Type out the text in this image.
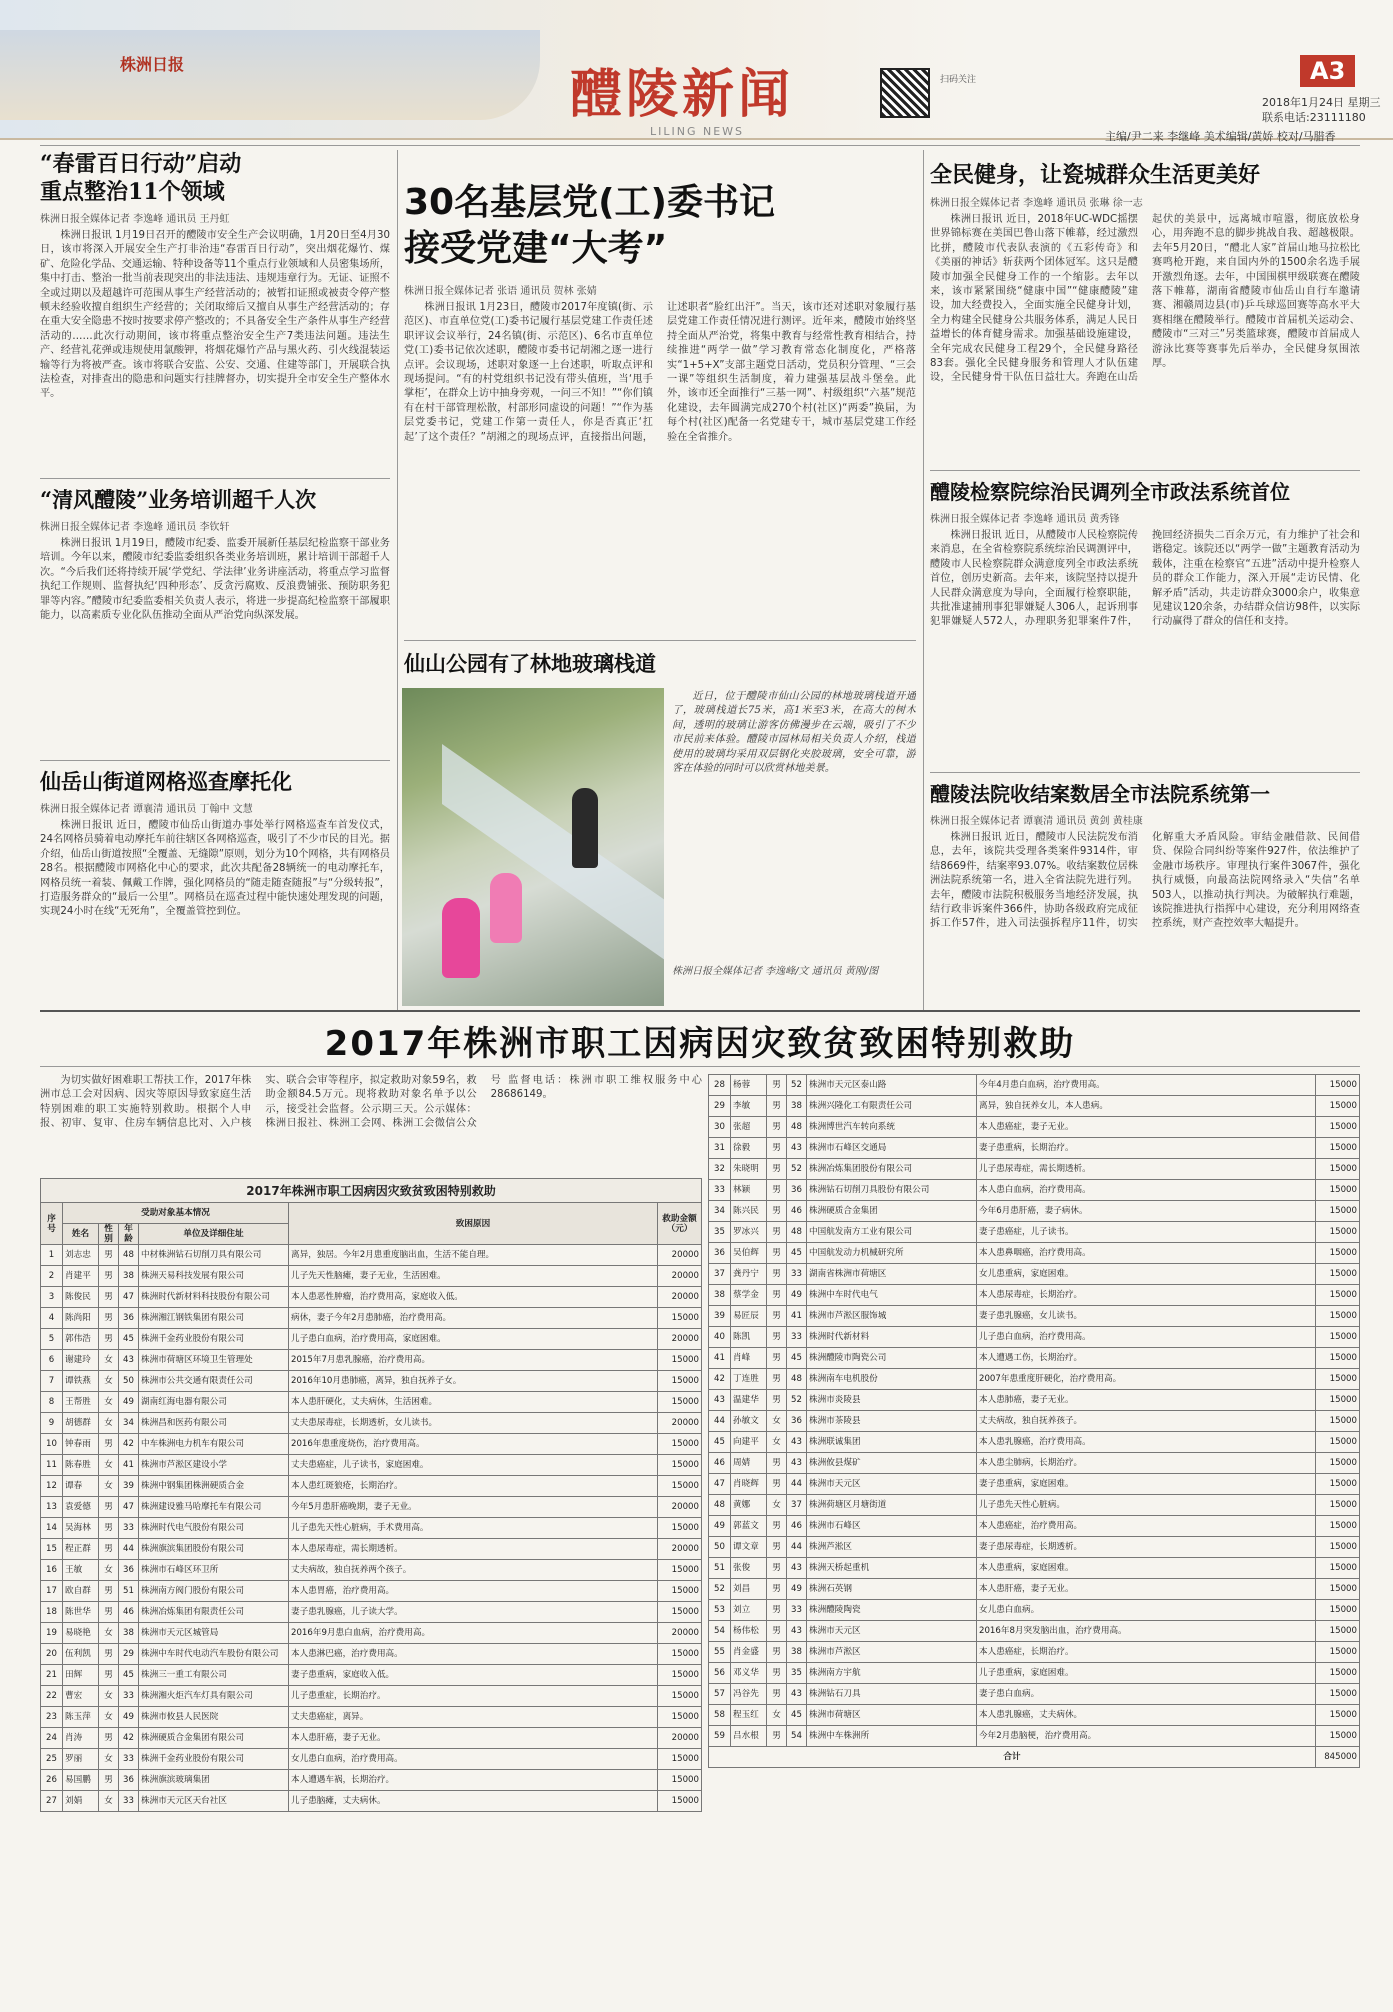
株洲日报	醴陵新闻
LILING NEWS
扫码关注	A3
2018年1月24日 星期三
联系电话:23111180
主编/尹二来 李继峰 美术编辑/黄娇 校对/马腊香
“春雷百日行动”启动
重点整治11个领域
株洲日报全媒体记者 李逸峰 通讯员 王丹虹
株洲日报讯 1月19日召开的醴陵市安全生产会议明确，1月20日至4月30日，该市将深入开展安全生产打非治违“春雷百日行动”，突出烟花爆竹、煤矿、危险化学品、交通运输、特种设备等11个重点行业领域和人员密集场所，集中打击、整治一批当前表现突出的非法违法、违规违章行为。无证、证照不全或过期以及超越许可范围从事生产经营活动的；被暂扣证照或被责令停产整顿未经验收擅自组织生产经营的；关闭取缔后又擅自从事生产经营活动的；存在重大安全隐患不按时按要求停产整改的；不具备安全生产条件从事生产经营活动的……此次行动期间，该市将重点整治安全生产7类违法问题。违法生产、经营礼花弹或违规使用氯酸钾，将烟花爆竹产品与黑火药、引火线混装运输等行为将被严查。该市将联合安监、公安、交通、住建等部门，开展联合执法检查，对排查出的隐患和问题实行挂牌督办，切实提升全市安全生产整体水平。
“清风醴陵”业务培训超千人次
株洲日报全媒体记者 李逸峰 通讯员 李钦轩
株洲日报讯 1月19日，醴陵市纪委、监委开展新任基层纪检监察干部业务培训。今年以来，醴陵市纪委监委组织各类业务培训班，累计培训干部超千人次。“今后我们还将持续开展‘学党纪、学法律’业务讲座活动，将重点学习监督执纪工作规则、监督执纪‘四种形态’、反贪污腐败、反浪费铺张、预防职务犯罪等内容。”醴陵市纪委监委相关负责人表示，将进一步提高纪检监察干部履职能力，以高素质专业化队伍推动全面从严治党向纵深发展。
仙岳山街道网格巡查摩托化
株洲日报全媒体记者 谭襄清 通讯员 丁翰中 文慧
株洲日报讯 近日，醴陵市仙岳山街道办事处举行网格巡查车首发仪式，24名网格员骑着电动摩托车前往辖区各网格巡查，吸引了不少市民的目光。据介绍，仙岳山街道按照“全覆盖、无缝隙”原则，划分为10个网格，共有网格员28名。根据醴陵市网格化中心的要求，此次共配备28辆统一的电动摩托车，网格员统一着装、佩戴工作牌，强化网格员的“随走随查随报”与“分级转报”，打造服务群众的“最后一公里”。网格员在巡查过程中能快速处理发现的问题，实现24小时在线“无死角”，全覆盖管控到位。
30名基层党(工)委书记
接受党建“大考”
株洲日报全媒体记者 张语 通讯员 贺林 张婧
株洲日报讯 1月23日，醴陵市2017年度镇(街、示范区)、市直单位党(工)委书记履行基层党建工作责任述职评议会议举行，24名镇(街、示范区)、6名市直单位党(工)委书记依次述职，醴陵市委书记胡湘之逐一进行点评。会议现场，述职对象逐一上台述职，听取点评和现场提问。“有的村党组织书记没有带头值班，当‘甩手掌柜’，在群众上访中抽身旁观，一问三不知！”“你们镇有在村干部管理松散，村部形同虚设的问题！”“作为基层党委书记，党建工作第一责任人，你是否真正‘扛起’了这个责任？”胡湘之的现场点评，直接指出问题，让述职者“脸红出汗”。当天，该市还对述职对象履行基层党建工作责任情况进行测评。近年来，醴陵市始终坚持全面从严治党，将集中教育与经常性教育相结合，持续推进“两学一做”学习教育常态化制度化，严格落实“1+5+X”支部主题党日活动，党员积分管理、“三会一课”等组织生活制度，着力建强基层战斗堡垒。此外，该市还全面推行“三基一网”、村级组织“六基”规范化建设，去年圆满完成270个村(社区)“两委”换届，为每个村(社区)配备一名党建专干，城市基层党建工作经验在全省推介。
仙山公园有了林地玻璃栈道
近日，位于醴陵市仙山公园的林地玻璃栈道开通了，玻璃栈道长75米，高1米至3米，在高大的树木间，透明的玻璃让游客仿佛漫步在云端，吸引了不少市民前来体验。醴陵市园林局相关负责人介绍，栈道使用的玻璃均采用双层钢化夹胶玻璃，安全可靠，游客在体验的同时可以欣赏林地美景。
株洲日报全媒体记者 李逸峰/文 通讯员 黄刚/图
全民健身，让瓷城群众生活更美好
株洲日报全媒体记者 李逸峰 通讯员 张琳 徐一志
株洲日报讯 近日，2018年UC-WDC摇摆世界锦标赛在美国巴鲁山落下帷幕，经过激烈比拼，醴陵市代表队表演的《五彩传奇》和《美丽的神话》斩获两个团体冠军。这只是醴陵市加强全民健身工作的一个缩影。去年以来，该市紧紧围绕“健康中国”“健康醴陵”建设，加大经费投入，全面实施全民健身计划，全力构建全民健身公共服务体系，满足人民日益增长的体育健身需求。加强基础设施建设，全年完成农民健身工程29个，全民健身路径83套。强化全民健身服务和管理人才队伍建设，全民健身骨干队伍日益壮大。奔跑在山岳起伏的美景中，远离城市喧嚣，彻底放松身心，用奔跑不息的脚步挑战自我、超越极限。去年5月20日，“醴北人家”首届山地马拉松比赛鸣枪开跑，来自国内外的1500余名选手展开激烈角逐。去年，中国围棋甲级联赛在醴陵落下帷幕，湖南省醴陵市仙岳山自行车邀请赛、湘赣周边县(市)乒乓球巡回赛等高水平大赛相继在醴陵举行。醴陵市首届机关运动会、醴陵市“三对三”另类篮球赛，醴陵市首届成人游泳比赛等赛事先后举办，全民健身氛围浓厚。
醴陵检察院综治民调列全市政法系统首位
株洲日报全媒体记者 李逸峰 通讯员 黄秀锋
株洲日报讯 近日，从醴陵市人民检察院传来消息，在全省检察院系统综治民调测评中，醴陵市人民检察院群众满意度列全市政法系统首位，创历史新高。去年来，该院坚持以提升人民群众满意度为导向，全面履行检察职能，共批准逮捕刑事犯罪嫌疑人306人，起诉刑事犯罪嫌疑人572人，办理职务犯罪案件7件，挽回经济损失二百余万元，有力维护了社会和谐稳定。该院还以“两学一做”主题教育活动为载体，注重在检察官“五进”活动中提升检察人员的群众工作能力，深入开展“走访民情、化解矛盾”活动，共走访群众3000余户，收集意见建议120余条，办结群众信访98件，以实际行动赢得了群众的信任和支持。
醴陵法院收结案数居全市法院系统第一
株洲日报全媒体记者 谭襄清 通讯员 黄剑 黄桂康
株洲日报讯 近日，醴陵市人民法院发布消息，去年，该院共受理各类案件9314件，审结8669件，结案率93.07%。收结案数位居株洲法院系统第一名，进入全省法院先进行列。去年，醴陵市法院积极服务当地经济发展，执结行政非诉案件366件，协助各级政府完成征拆工作57件，进入司法强拆程序11件，切实化解重大矛盾风险。审结金融借款、民间借贷、保险合同纠纷等案件927件，依法维护了金融市场秩序。审理执行案件3067件，强化执行威慑，向最高法院网络录入“失信”名单503人，以推动执行判决。为破解执行难题，该院推进执行指挥中心建设，充分利用网络查控系统，财产查控效率大幅提升。
2017年株洲市职工因病因灾致贫致困特别救助
为切实做好困难职工帮扶工作，2017年株洲市总工会对因病、因灾等原因导致家庭生活特别困难的职工实施特别救助。根据个人申报、初审、复审、住房车辆信息比对、入户核实、联合会审等程序，拟定救助对象59名，救助金额84.5万元。现将救助对象名单予以公示，接受社会监督。公示期三天。公示媒体：株洲日报社、株洲工会网、株洲工会微信公众号 监督电话：株洲市职工维权服务中心28686149。
2017年株洲市职工因病因灾致贫致困特别救助
序号	受助对象基本情况				致困原因	救助金额（元）
	姓名	性别	年龄	单位及详细住址		
1	刘志忠	男	48	中材株洲钻石切削刀具有限公司	离异，独居。今年2月患重度脑出血，生活不能自理。	20000
2	肖建平	男	38	株洲天易科技发展有限公司	儿子先天性脑瘫，妻子无业，生活困难。	20000
3	陈俊民	男	47	株洲时代新材料科技股份有限公司	本人患恶性肿瘤，治疗费用高，家庭收入低。	20000
4	陈尚阳	男	36	株洲湘江钢铁集团有限公司	病休，妻子今年2月患肺癌，治疗费用高。	15000
5	郭伟浩	男	45	株洲千金药业股份有限公司	儿子患白血病，治疗费用高，家庭困难。	20000
6	谢建玲	女	43	株洲市荷塘区环境卫生管理处	2015年7月患乳腺癌，治疗费用高。	15000
7	谭铁燕	女	50	株洲市公共交通有限责任公司	2016年10月患肺癌，离异，独自抚养子女。	15000
8	王帮胜	女	49	湖南红海电器有限公司	本人患肝硬化，丈夫病休，生活困难。	15000
9	胡德群	女	34	株洲昌和医药有限公司	丈夫患尿毒症，长期透析，女儿读书。	20000
10	钟春雨	男	42	中车株洲电力机车有限公司	2016年患重度烧伤，治疗费用高。	15000
11	陈春胜	女	41	株洲市芦淞区建设小学	丈夫患癌症，儿子读书，家庭困难。	15000
12	谭春	女	39	株洲中钢集团株洲硬质合金	本人患红斑狼疮，长期治疗。	15000
13	袁爱德	男	47	株洲建设雅马哈摩托车有限公司	今年5月患肝癌晚期，妻子无业。	20000
14	吴海林	男	33	株洲时代电气股份有限公司	儿子患先天性心脏病，手术费用高。	15000
15	程正群	男	44	株洲旗滨集团股份有限公司	本人患尿毒症，需长期透析。	20000
16	王敏	女	36	株洲市石峰区环卫所	丈夫病故，独自抚养两个孩子。	15000
17	欧自群	男	51	株洲南方阀门股份有限公司	本人患胃癌，治疗费用高。	15000
18	陈世华	男	46	株洲冶炼集团有限责任公司	妻子患乳腺癌，儿子读大学。	15000
19	易晓艳	女	38	株洲市天元区城管局	2016年9月患白血病，治疗费用高。	20000
20	伍利凯	男	29	株洲中车时代电动汽车股份有限公司	本人患淋巴癌，治疗费用高。	15000
21	田辉	男	45	株洲三一重工有限公司	妻子患重病，家庭收入低。	15000
22	曹宏	女	33	株洲湘火炬汽车灯具有限公司	儿子患重症，长期治疗。	15000
23	陈玉萍	女	49	株洲市攸县人民医院	丈夫患癌症，离异。	15000
24	肖涛	男	42	株洲硬质合金集团有限公司	本人患肝癌，妻子无业。	20000
25	罗丽	女	33	株洲千金药业股份有限公司	女儿患白血病，治疗费用高。	15000
26	易国鹏	男	36	株洲旗滨玻璃集团	本人遭遇车祸，长期治疗。	15000
27	刘娟	女	33	株洲市天元区天台社区	儿子患脑瘫，丈夫病休。	15000
28	杨蓉	男	52	株洲市天元区泰山路	今年4月患白血病，治疗费用高。	15000
29	李敏	男	38	株洲兴隆化工有限责任公司	离异，独自抚养女儿，本人患病。	15000
30	张超	男	48	株洲博世汽车转向系统	本人患癌症，妻子无业。	15000
31	徐毅	男	43	株洲市石峰区交通局	妻子患重病，长期治疗。	15000
32	朱晓明	男	52	株洲冶炼集团股份有限公司	儿子患尿毒症，需长期透析。	15000
33	林颖	男	36	株洲钻石切削刀具股份有限公司	本人患白血病，治疗费用高。	15000
34	陈兴民	男	46	株洲硬质合金集团	今年6月患肝癌，妻子病休。	15000
35	罗冰兴	男	48	中国航发南方工业有限公司	妻子患癌症，儿子读书。	15000
36	吴伯辉	男	45	中国航发动力机械研究所	本人患鼻咽癌，治疗费用高。	15000
37	龚丹宁	男	33	湖南省株洲市荷塘区	女儿患重病，家庭困难。	15000
38	蔡学金	男	49	株洲中车时代电气	本人患尿毒症，长期治疗。	15000
39	易匠辰	男	41	株洲市芦淞区服饰城	妻子患乳腺癌，女儿读书。	15000
40	陈凯	男	33	株洲时代新材料	儿子患白血病，治疗费用高。	15000
41	肖峰	男	45	株洲醴陵市陶瓷公司	本人遭遇工伤，长期治疗。	15000
42	丁连胜	男	48	株洲南车电机股份	2007年患重度肝硬化，治疗费用高。	15000
43	温建华	男	52	株洲市炎陵县	本人患肺癌，妻子无业。	15000
44	孙敏文	女	36	株洲市茶陵县	丈夫病故，独自抚养孩子。	15000
45	向建平	女	43	株洲联诚集团	本人患乳腺癌，治疗费用高。	15000
46	周婧	男	43	株洲攸县煤矿	本人患尘肺病，长期治疗。	15000
47	肖晓辉	男	44	株洲市天元区	妻子患重病，家庭困难。	15000
48	黄娜	女	37	株洲荷塘区月塘街道	儿子患先天性心脏病。	15000
49	郭蓝文	男	46	株洲市石峰区	本人患癌症，治疗费用高。	15000
50	谭文章	男	44	株洲芦淞区	妻子患尿毒症，长期透析。	15000
51	张俊	男	43	株洲天桥起重机	本人患重病，家庭困难。	15000
52	刘昌	男	49	株洲石英钢	本人患肝癌，妻子无业。	15000
53	刘立	男	33	株洲醴陵陶瓷	女儿患白血病。	15000
54	杨伟松	男	43	株洲市天元区	2016年8月突发脑出血，治疗费用高。	15000
55	肖金盛	男	38	株洲市芦淞区	本人患癌症，长期治疗。	15000
56	邓义华	男	35	株洲南方宇航	儿子患重病，家庭困难。	15000
57	冯谷先	男	43	株洲钻石刀具	妻子患白血病。	15000
58	程玉红	女	45	株洲市荷塘区	本人患乳腺癌，丈夫病休。	15000
59	吕水根	男	54	株洲中车株洲所	今年2月患脑梗，治疗费用高。	15000
合计						845000
